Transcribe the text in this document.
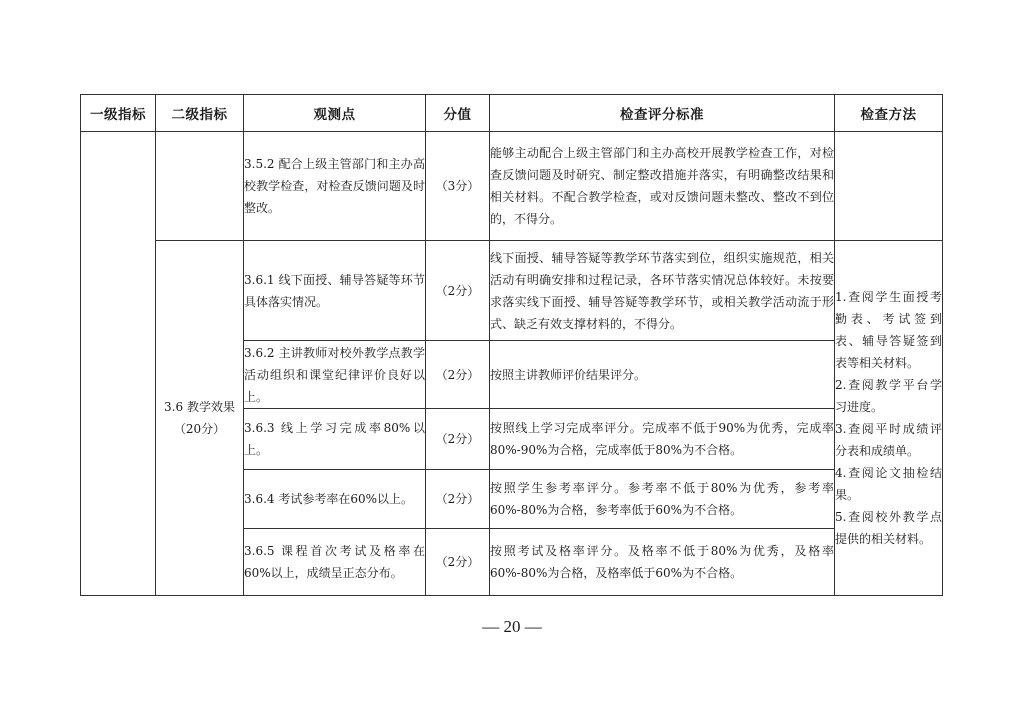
一级指标	二级指标	观测点	分值	检查评分标准	检查方法
		3.5.2 配合上级主管部门和主办高校教学检查，对检查反馈问题及时整改。	（3分）	能够主动配合上级主管部门和主办高校开展教学检查工作，对检查反馈问题及时研究、制定整改措施并落实，有明确整改结果和相关材料。不配合教学检查，或对反馈问题未整改、整改不到位的，不得分。	
	3.6 教学效果（20分）	3.6.1 线下面授、辅导答疑等环节具体落实情况。	（2分）	线下面授、辅导答疑等教学环节落实到位，组织实施规范，相关活动有明确安排和过程记录，各环节落实情况总体较好。未按要求落实线下面授、辅导答疑等教学环节，或相关教学活动流于形式、缺乏有效支撑材料的，不得分。	1.查阅学生面授考勤表、考试签到表、辅导答疑签到表等相关材料。
2.查阅教学平台学习进度。
3.查阅平时成绩评分表和成绩单。
4.查阅论文抽检结果。
5.查阅校外教学点提供的相关材料。

		3.6.2 主讲教师对校外教学点教学活动组织和课堂纪律评价良好以上。	（2分）	按照主讲教师评价结果评分。	
		3.6.3 线上学习完成率80%以上。	（2分）	按照线上学习完成率评分。完成率不低于90%为优秀，完成率80%-90%为合格，完成率低于80%为不合格。	
		3.6.4 考试参考率在60%以上。	（2分）	按照学生参考率评分。参考率不低于80%为优秀，参考率60%-80%为合格，参考率低于60%为不合格。	
		3.6.5 课程首次考试及格率在60%以上，成绩呈正态分布。	（2分）	按照考试及格率评分。及格率不低于80%为优秀，及格率60%-80%为合格，及格率低于60%为不合格。	
— 20 —
